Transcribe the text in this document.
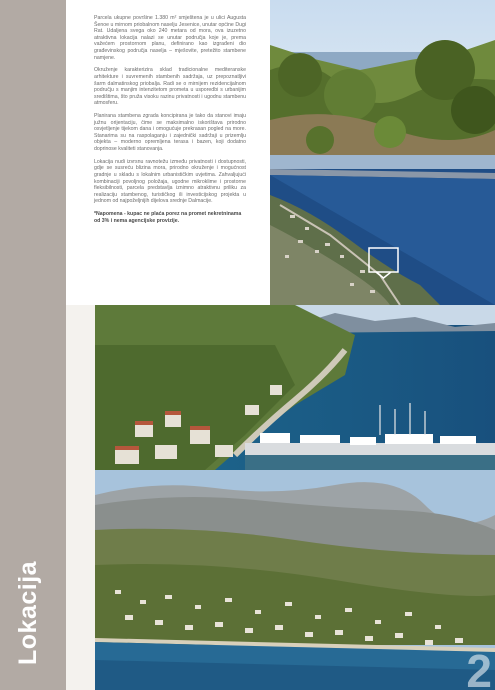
Lokacija

Parcela ukupne površine 1.380 m² smještena je u ulici Augusta Šenoe u mirnom priobalnom naselju Jesenice, unutar općine Dugi Rat. Udaljena svega oko 240 metara od mora, ova izuzetno atraktivna lokacija nalazi se unutar područja koje je, prema važećem prostornom planu, definirano kao izgrađeni dio građevinskog područja naselja – mješovite, pretežito stambene namjene.

Okruženje karakterizira sklad tradicionalne mediteranske arhitekture i suvremenih stambenih sadržaja, uz prepoznatljivi šarm dalmatinskog priobalja. Radi se o mirnijem rezidencijalnom području s manjim intenzitetom prometa u usporedbi s urbanijim središtima, što pruža visoku razinu privatnosti i ugodnu stambenu atmosferu.

Planirana stambena zgrada koncipirana je tako da stanovi imaju južnu orijentaciju, čime se maksimalno iskorištava prirodno osvjetljenje tijekom dana i omogućuje prekrasan pogled na more. Stanarima su na raspolaganju i zajednički sadržaji u prizemlju objekta – moderno opremljena terasa i bazen, koji dodatno doprinose kvaliteti stanovanja.

Lokacija nudi izvrsnu ravnotežu između privatnosti i dostupnosti, gdje se susreću blizina mora, prirodno okruženje i mogućnost gradnje u skladu s lokalnim urbanističkim uvjetima. Zahvaljujući kombinaciji povoljnog položaja, ugodne mikroklime i prostorne fleksibilnosti, parcela predstavlja iznimno atraktivnu priliku za realizaciju stambenog, turističkog ili investicijskog projekta u jednom od najpoželjnijih dijelova srednje Dalmacije.

*Napomena - kupac ne plaća porez na promet nekretninama od 3% i nema agencijske provizije.

2
